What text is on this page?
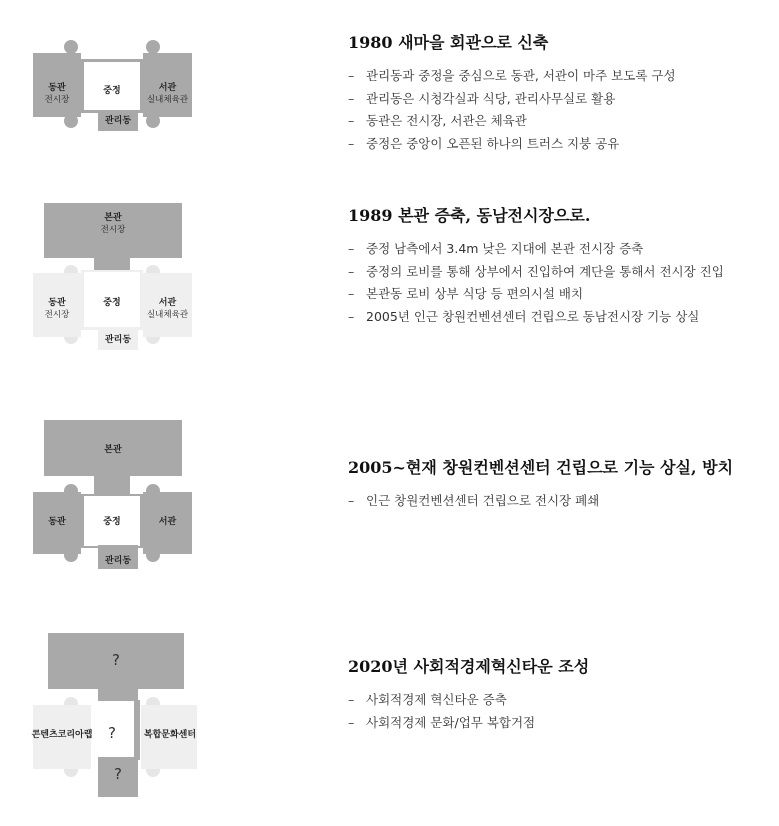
동관
전시장
중정	서관
실내체육관
관리동
본관
전시장
동관
전시장
중정	서관
실내체육관
관리동
본관
동관	중정	서관
관리동
?
콘텐츠코리아랩	?	복합문화센터
?
1980 새마을 회관으로 신축
– 관리동과 중정을 중심으로 동관, 서관이 마주 보도록 구성
– 관리동은 시청각실과 식당, 관리사무실로 활용
– 동관은 전시장, 서관은 체육관
– 중정은 중앙이 오픈된 하나의 트러스 지붕 공유
1989 본관 증축, 동남전시장으로.
– 중정 남측에서 3.4m 낮은 지대에 본관 전시장 증축
– 중정의 로비를 통해 상부에서 진입하여 계단을 통해서 전시장 진입
– 본관동 로비 상부 식당 등 편의시설 배치
– 2005년 인근 창원컨벤션센터 건립으로 동남전시장 기능 상실
2005~현재 창원컨벤션센터 건립으로 기능 상실, 방치
– 인근 창원컨벤션센터 건립으로 전시장 폐쇄
2020년 사회적경제혁신타운 조성
– 사회적경제 혁신타운 증축
– 사회적경제 문화/업무 복합거점
